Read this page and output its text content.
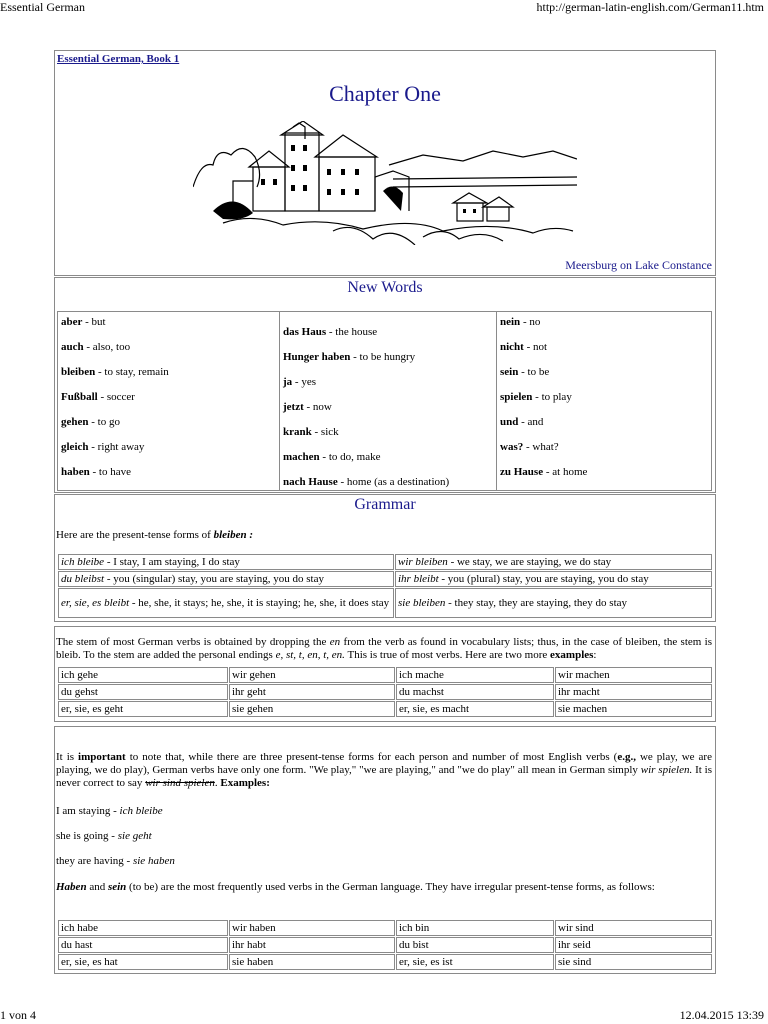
Essential German	http://german-latin-english.com/German11.htm
Essential German, Book 1
Chapter One
Meersburg on Lake Constance
New Words
aber - but
auch - also, too
bleiben - to stay, remain
Fußball - soccer
gehen - to go
gleich - right away
haben - to have
das Haus - the house
Hunger haben - to be hungry
ja - yes
jetzt - now
krank - sick
machen - to do, make
nach Hause - home (as a destination)
nein - no
nicht - not
sein - to be
spielen - to play
und - and
was? - what?
zu Hause - at home
Grammar
Here are the present-tense forms of bleiben :
ich bleibe - I stay, I am staying, I do stay	wir bleiben - we stay, we are staying, we do stay
du bleibst - you (singular) stay, you are staying, you do stay	ihr bleibt - you (plural) stay, you are staying, you do stay
er, sie, es bleibt - he, she, it stays; he, she, it is staying; he, she, it does stay	sie bleiben - they stay, they are staying, they do stay
The stem of most German verbs is obtained by dropping the en from the verb as found in vocabulary lists; thus, in the case of bleiben, the stem is bleib. To the stem are added the personal endings e, st, t, en, t, en. This is true of most verbs. Here are two more examples:
ich gehe	wir gehen	ich mache	wir machen
du gehst	ihr geht	du machst	ihr macht
er, sie, es geht	sie gehen	er, sie, es macht	sie machen
It is important to note that, while there are three present-tense forms for each person and number of most English verbs (e.g., we play, we are playing, we do play), German verbs have only one form. "We play," "we are playing," and "we do play" all mean in German simply wir spielen. It is never correct to say wir sind spielen. Examples:
I am staying - ich bleibe
she is going - sie geht
they are having - sie haben
Haben and sein (to be) are the most frequently used verbs in the German language. They have irregular present-tense forms, as follows:
ich habe	wir haben	ich bin	wir sind
du hast	ihr habt	du bist	ihr seid
er, sie, es hat	sie haben	er, sie, es ist	sie sind
1 von 4	12.04.2015 13:39
